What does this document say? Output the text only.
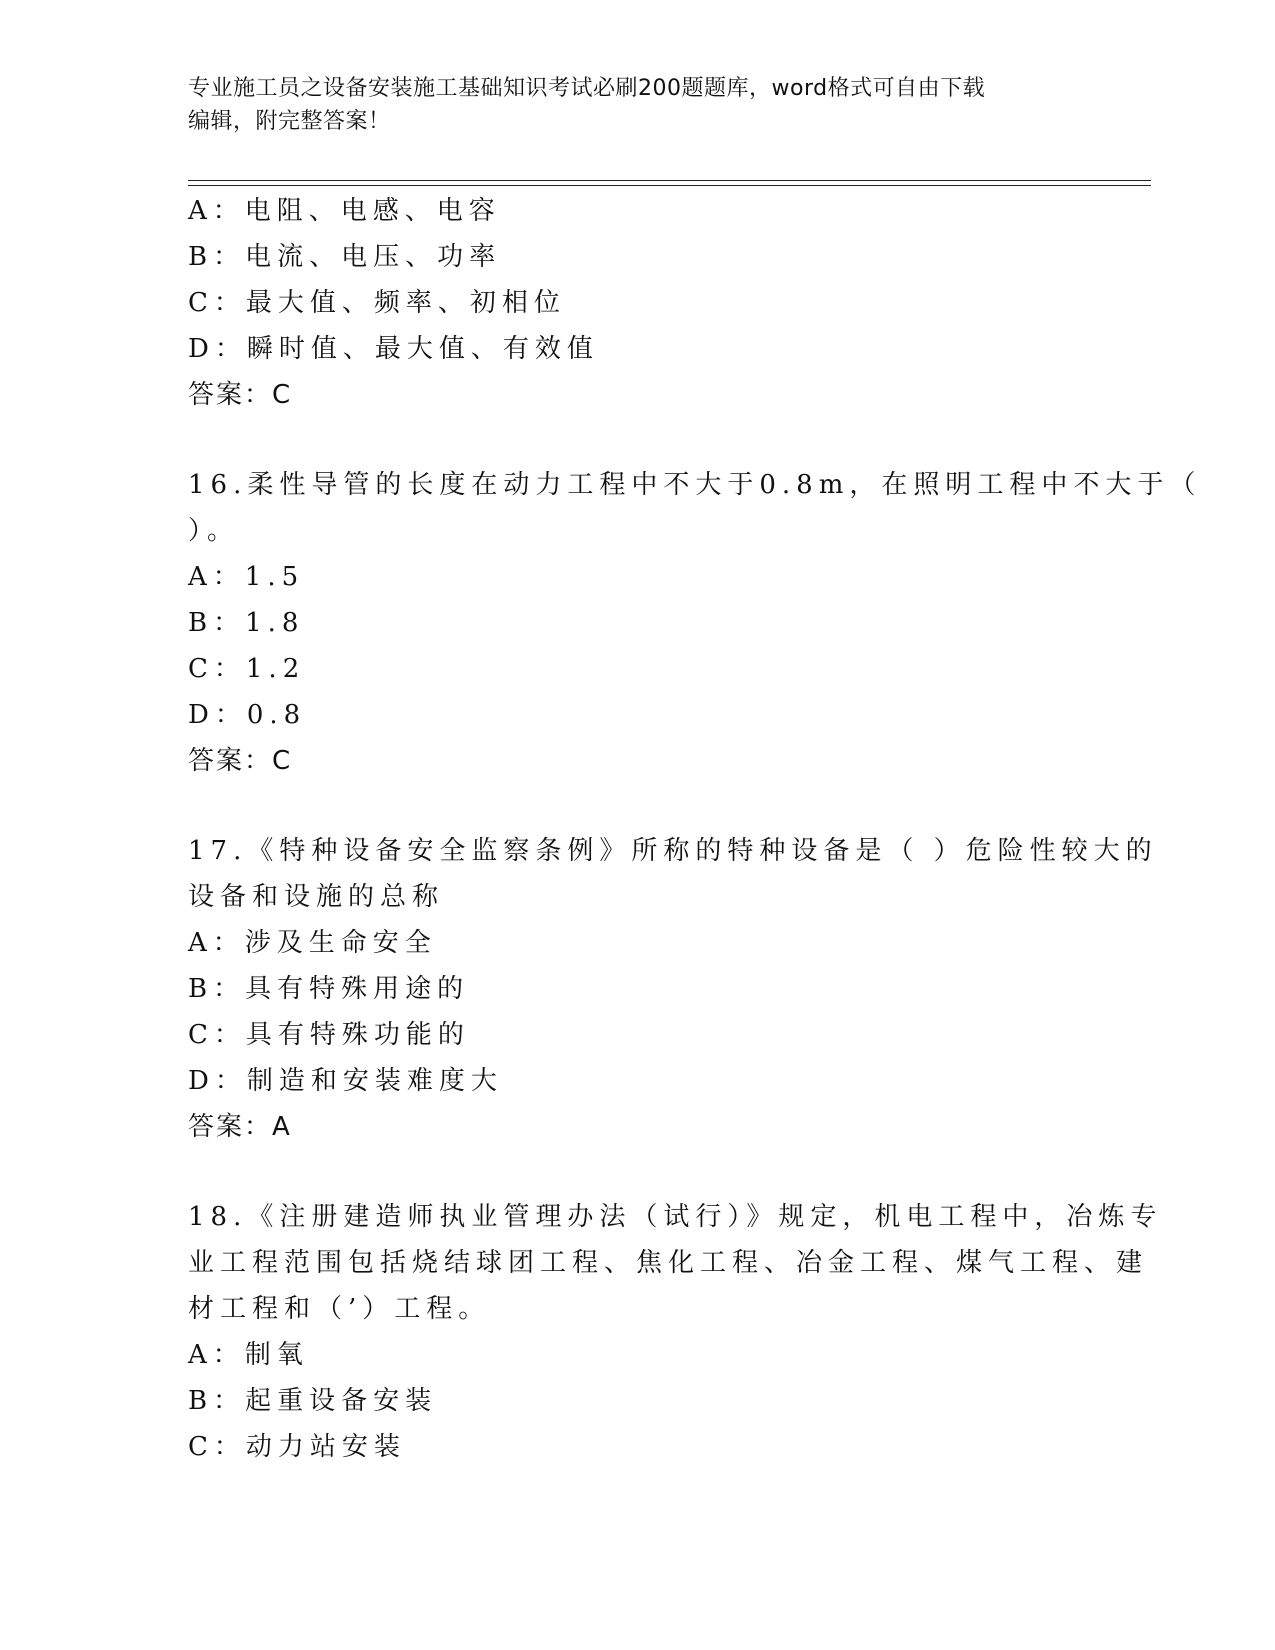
专业施工员之设备安装施工基础知识考试必刷200题题库，word格式可自由下载
编辑，附完整答案！
A：电阻、电感、电容
B：电流、电压、功率
C：最大值、频率、初相位
D：瞬时值、最大值、有效值
答案：C
16.柔性导管的长度在动力工程中不大于0.8m，在照明工程中不大于（
）。
A：1.5
B：1.8
C：1.2
D：0.8
答案：C
17.《特种设备安全监察条例》所称的特种设备是（ ）危险性较大的
设备和设施的总称
A：涉及生命安全
B：具有特殊用途的
C：具有特殊功能的
D：制造和安装难度大
答案：A
18.《注册建造师执业管理办法（试行）》规定，机电工程中，冶炼专
业工程范围包括烧结球团工程、焦化工程、冶金工程、煤气工程、建
材工程和（’）工程。
A：制氧
B：起重设备安装
C：动力站安装
